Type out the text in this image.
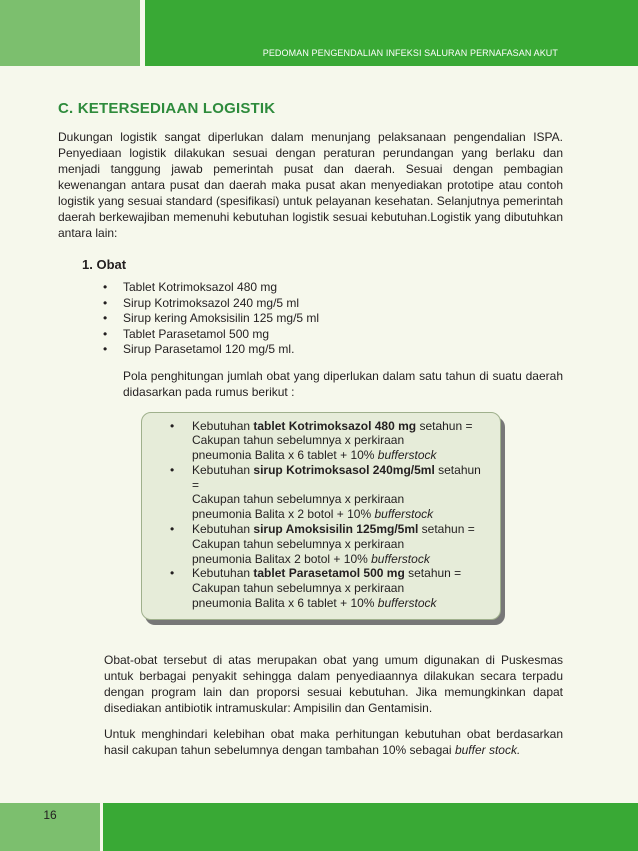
PEDOMAN PENGENDALIAN INFEKSI SALURAN PERNAFASAN AKUT
C. KETERSEDIAAN LOGISTIK

Dukungan logistik sangat diperlukan dalam menunjang pelaksanaan pengendalian ISPA. Penyediaan logistik dilakukan sesuai dengan peraturan perundangan yang berlaku dan menjadi tanggung jawab pemerintah pusat dan daerah. Sesuai dengan pembagian kewenangan antara pusat dan daerah maka pusat akan menyediakan prototipe atau contoh logistik yang sesuai standard (spesifikasi) untuk pelayanan kesehatan. Selanjutnya pemerintah daerah berkewajiban memenuhi kebutuhan logistik sesuai kebutuhan.Logistik yang dibutuhkan antara lain:

1. Obat
• Tablet Kotrimoksazol 480 mg
• Sirup Kotrimoksazol 240 mg/5 ml
• Sirup kering Amoksisilin 125 mg/5 ml
• Tablet Parasetamol 500 mg
• Sirup Parasetamol 120 mg/5 ml.

Pola penghitungan jumlah obat yang diperlukan dalam satu tahun di suatu daerah didasarkan pada rumus berikut :

• Kebutuhan tablet Kotrimoksazol 480 mg setahun =
Cakupan tahun sebelumnya x perkiraan
pneumonia Balita x 6 tablet + 10% bufferstock
• Kebutuhan sirup Kotrimoksasol 240mg/5ml setahun =
Cakupan tahun sebelumnya x perkiraan
pneumonia Balita x 2 botol + 10% bufferstock
• Kebutuhan sirup Amoksisilin 125mg/5ml setahun =
Cakupan tahun sebelumnya x perkiraan
pneumonia Balitax 2 botol + 10% bufferstock
• Kebutuhan tablet Parasetamol 500 mg setahun =
Cakupan tahun sebelumnya x perkiraan
pneumonia Balita x 6 tablet + 10% bufferstock

Obat-obat tersebut di atas merupakan obat yang umum digunakan di Puskesmas untuk berbagai penyakit sehingga dalam penyediaannya dilakukan secara terpadu dengan program lain dan proporsi sesuai kebutuhan. Jika memungkinkan dapat disediakan antibiotik intramuskular: Ampisilin dan Gentamisin.

Untuk menghindari kelebihan obat maka perhitungan kebutuhan obat berdasarkan hasil cakupan tahun sebelumnya dengan tambahan 10% sebagai buffer stock.

16
